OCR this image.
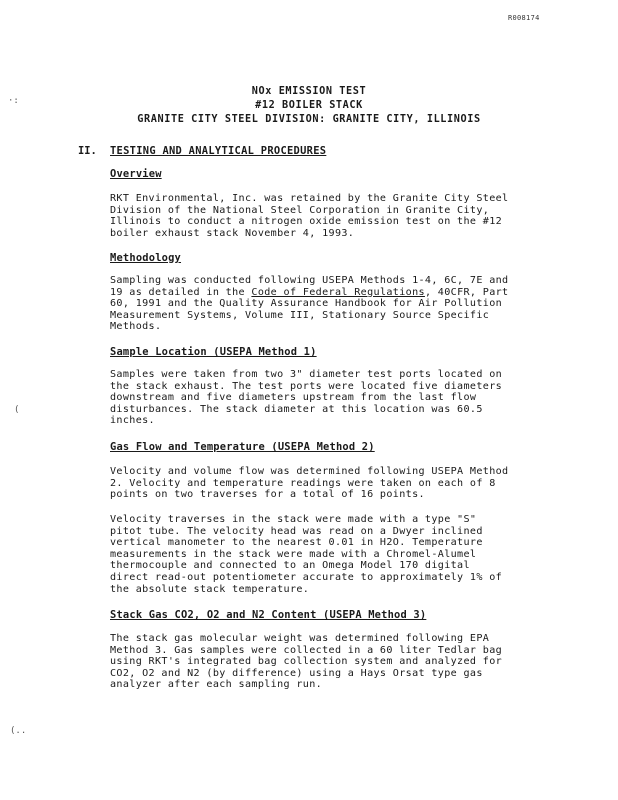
R008174
NOx EMISSION TEST
#12 BOILER STACK
GRANITE CITY STEEL DIVISION: GRANITE CITY, ILLINOIS
II. TESTING AND ANALYTICAL PROCEDURES
Overview
RKT Environmental, Inc. was retained by the Granite City Steel
Division of the National Steel Corporation in Granite City,
Illinois to conduct a nitrogen oxide emission test on the #12
boiler exhaust stack November 4, 1993.
Methodology
Sampling was conducted following USEPA Methods 1-4, 6C, 7E and
19 as detailed in the Code of Federal Regulations, 40CFR, Part
60, 1991 and the Quality Assurance Handbook for Air Pollution
Measurement Systems, Volume III, Stationary Source Specific
Methods.
Sample Location (USEPA Method 1)
Samples were taken from two 3" diameter test ports located on
the stack exhaust. The test ports were located five diameters
downstream and five diameters upstream from the last flow
disturbances. The stack diameter at this location was 60.5
inches.
Gas Flow and Temperature (USEPA Method 2)
Velocity and volume flow was determined following USEPA Method
2. Velocity and temperature readings were taken on each of 8
points on two traverses for a total of 16 points.
Velocity traverses in the stack were made with a type "S"
pitot tube. The velocity head was read on a Dwyer inclined
vertical manometer to the nearest 0.01 in H2O. Temperature
measurements in the stack were made with a Chromel-Alumel
thermocouple and connected to an Omega Model 170 digital
direct read-out potentiometer accurate to approximately 1% of
the absolute stack temperature.
Stack Gas CO2, O2 and N2 Content (USEPA Method 3)
The stack gas molecular weight was determined following EPA
Method 3. Gas samples were collected in a 60 liter Tedlar bag
using RKT's integrated bag collection system and analyzed for
CO2, O2 and N2 (by difference) using a Hays Orsat type gas
analyzer after each sampling run.
·:
(
(..
